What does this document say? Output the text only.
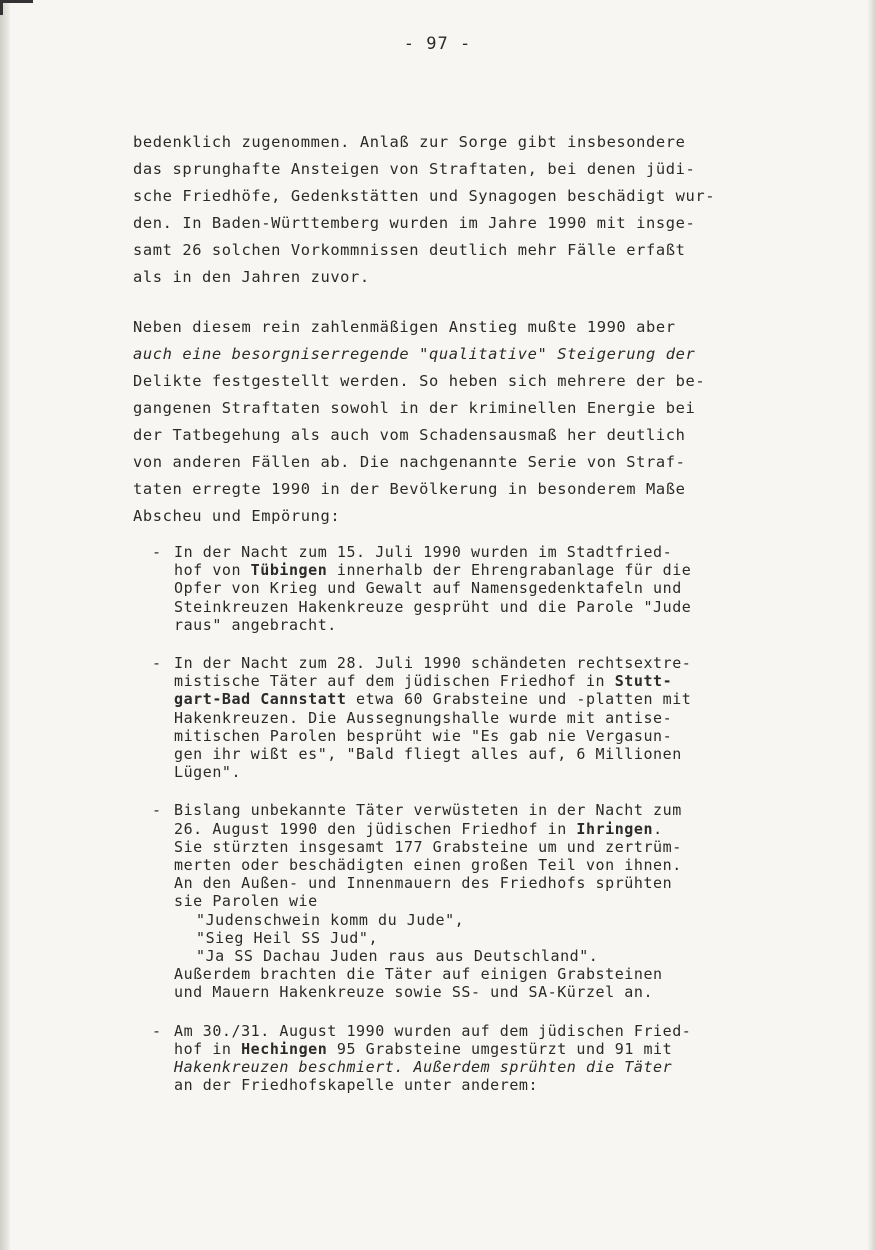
- 97 -
bedenklich zugenommen. Anlaß zur Sorge gibt insbesondere
das sprunghafte Ansteigen von Straftaten, bei denen jüdi-
sche Friedhöfe, Gedenkstätten und Synagogen beschädigt wur-
den. In Baden-Württemberg wurden im Jahre 1990 mit insge-
samt 26 solchen Vorkommnissen deutlich mehr Fälle erfaßt
als in den Jahren zuvor.
Neben diesem rein zahlenmäßigen Anstieg mußte 1990 aber
auch eine besorgniserregende "qualitative" Steigerung der
Delikte festgestellt werden. So heben sich mehrere der be-
gangenen Straftaten sowohl in der kriminellen Energie bei
der Tatbegehung als auch vom Schadensausmaß her deutlich
von anderen Fällen ab. Die nachgenannte Serie von Straf-
taten erregte 1990 in der Bevölkerung in besonderem Maße
Abscheu und Empörung:
- In der Nacht zum 15. Juli 1990 wurden im Stadtfried-
hof von Tübingen innerhalb der Ehrengrabanlage für die
Opfer von Krieg und Gewalt auf Namensgedenktafeln und
Steinkreuzen Hakenkreuze gesprüht und die Parole "Jude
raus" angebracht.
- In der Nacht zum 28. Juli 1990 schändeten rechtsextre-
mistische Täter auf dem jüdischen Friedhof in Stutt-
gart-Bad Cannstatt etwa 60 Grabsteine und -platten mit
Hakenkreuzen. Die Aussegnungshalle wurde mit antise-
mitischen Parolen besprüht wie "Es gab nie Vergasun-
gen ihr wißt es", "Bald fliegt alles auf, 6 Millionen
Lügen".
- Bislang unbekannte Täter verwüsteten in der Nacht zum
26. August 1990 den jüdischen Friedhof in Ihringen.
Sie stürzten insgesamt 177 Grabsteine um und zertrüm-
merten oder beschädigten einen großen Teil von ihnen.
An den Außen- und Innenmauern des Friedhofs sprühten
sie Parolen wie
"Judenschwein komm du Jude",
"Sieg Heil SS Jud",
"Ja SS Dachau Juden raus aus Deutschland".
Außerdem brachten die Täter auf einigen Grabsteinen
und Mauern Hakenkreuze sowie SS- und SA-Kürzel an.
- Am 30./31. August 1990 wurden auf dem jüdischen Fried-
hof in Hechingen 95 Grabsteine umgestürzt und 91 mit
Hakenkreuzen beschmiert. Außerdem sprühten die Täter
an der Friedhofskapelle unter anderem:
